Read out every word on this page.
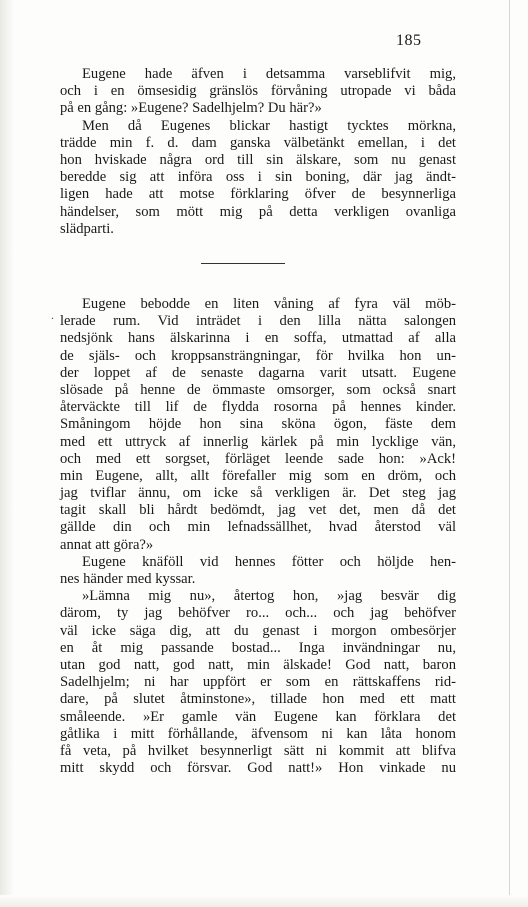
185
Eugene hade äfven i detsamma varseblifvit mig,
och i en ömsesidig gränslös förvåning utropade vi båda
på en gång: »Eugene? Sadelhjelm? Du här?»
Men då Eugenes blickar hastigt tycktes mörkna,
trädde min f. d. dam ganska välbetänkt emellan, i det
hon hviskade några ord till sin älskare, som nu genast
beredde sig att införa oss i sin boning, där jag ändt-
ligen hade att motse förklaring öfver de besynnerliga
händelser, som mött mig på detta verkligen ovanliga
slädparti.
.
Eugene bebodde en liten våning af fyra väl möb-
lerade rum. Vid inträdet i den lilla nätta salongen
nedsjönk hans älskarinna i en soffa, utmattad af alla
de själs- och kroppsansträngningar, för hvilka hon un-
der loppet af de senaste dagarna varit utsatt. Eugene
slösade på henne de ömmaste omsorger, som också snart
återväckte till lif de flydda rosorna på hennes kinder.
Småningom höjde hon sina sköna ögon, fäste dem
med ett uttryck af innerlig kärlek på min lycklige vän,
och med ett sorgset, förläget leende sade hon: »Ack!
min Eugene, allt, allt förefaller mig som en dröm, och
jag tviflar ännu, om icke så verkligen är. Det steg jag
tagit skall bli hårdt bedömdt, jag vet det, men då det
gällde din och min lefnadssällhet, hvad återstod väl
annat att göra?»
Eugene knäföll vid hennes fötter och höljde hen-
nes händer med kyssar.
»Lämna mig nu», återtog hon, »jag besvär dig
därom, ty jag behöfver ro... och... och jag behöfver
väl icke säga dig, att du genast i morgon ombesörjer
en åt mig passande bostad... Inga invändningar nu,
utan god natt, god natt, min älskade! God natt, baron
Sadelhjelm; ni har uppfört er som en rättskaffens rid-
dare, på slutet åtminstone», tillade hon med ett matt
småleende. »Er gamle vän Eugene kan förklara det
gåtlika i mitt förhållande, äfvensom ni kan låta honom
få veta, på hvilket besynnerligt sätt ni kommit att blifva
mitt skydd och försvar. God natt!» Hon vinkade nu
